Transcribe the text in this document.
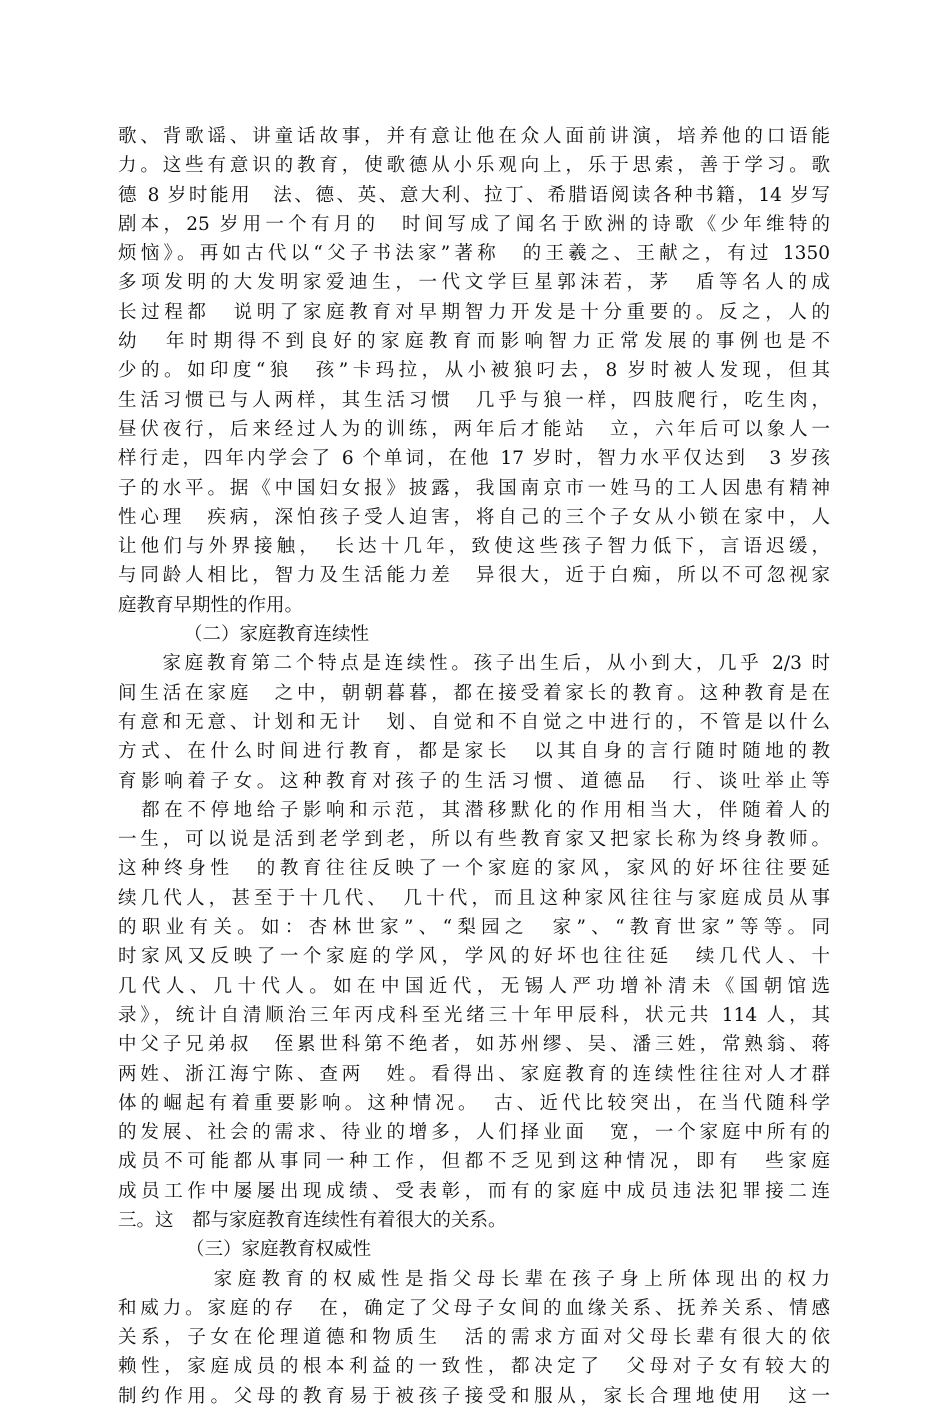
歌、背歌谣、讲童话故事，并有意让他在众人面前讲演，培养他的口语能
力。这些有意识的教育，使歌德从小乐观向上，乐于思索，善于学习。歌
德 8 岁时能用　法、德、英、意大利、拉丁、希腊语阅读各种书籍，14 岁写
剧本，25 岁用一个有月的　时间写成了闻名于欧洲的诗歌《少年维特的
烦恼》。再如古代以“父子书法家”著称　的王羲之、王献之，有过 1350
多项发明的大发明家爱迪生，一代文学巨星郭沫若，茅　盾等名人的成
长过程都　说明了家庭教育对早期智力开发是十分重要的。反之，人的
幼　年时期得不到良好的家庭教育而影响智力正常发展的事例也是不
少的。如印度“狼　孩”卡玛拉，从小被狼叼去，8 岁时被人发现，但其
生活习惯已与人两样，其生活习惯　几乎与狼一样，四肢爬行，吃生肉，
昼伏夜行，后来经过人为的训练，两年后才能站　立，六年后可以象人一
样行走，四年内学会了 6 个单词，在他 17 岁时，智力水平仅达到　3 岁孩
子的水平。据《中国妇女报》披露，我国南京市一姓马的工人因患有精神
性心理　疾病，深怕孩子受人迫害，将自己的三个子女从小锁在家中，人
让他们与外界接触，　长达十几年，致使这些孩子智力低下，言语迟缓，
与同龄人相比，智力及生活能力差　异很大，近于白痴，所以不可忽视家
庭教育早期性的作用。
（二）家庭教育连续性
　　家庭教育第二个特点是连续性。孩子出生后，从小到大，几乎 2/3 时
间生活在家庭　之中，朝朝暮暮，都在接受着家长的教育。这种教育是在
有意和无意、计划和无计　划、自觉和不自觉之中进行的，不管是以什么
方式、在什么时间进行教育，都是家长　以其自身的言行随时随地的教
育影响着子女。这种教育对孩子的生活习惯、道德品　行、谈吐举止等
　都在不停地给子影响和示范，其潜移默化的作用相当大，伴随着人的
一生，可以说是活到老学到老，所以有些教育家又把家长称为终身教师。
这种终身性　的教育往往反映了一个家庭的家风，家风的好坏往往要延
续几代人，甚至于十几代、　几十代，而且这种家风往往与家庭成员从事
的职业有关。如：杏林世家”、“梨园之　家”、“教育世家”等等。同
时家风又反映了一个家庭的学风，学风的好坏也往往延　续几代人、十
几代人、几十代人。如在中国近代，无锡人严功增补清未《国朝馆选
录》，统计自清顺治三年丙戌科至光绪三十年甲辰科，状元共 114 人，其
中父子兄弟叔　侄累世科第不绝者，如苏州缪、吴、潘三姓，常熟翁、蒋
两姓、浙江海宁陈、查两　姓。看得出、家庭教育的连续性往往对人才群
体的崛起有着重要影响。这种情况。　古、近代比较突出，在当代随科学
的发展、社会的需求、待业的增多，人们择业面　宽，一个家庭中所有的
成员不可能都从事同一种工作，但都不乏见到这种情况，即有　些家庭
成员工作中屡屡出现成绩、受表彰，而有的家庭中成员违法犯罪接二连
三。这　都与家庭教育连续性有着很大的关系。
（三）家庭教育权威性
　　　　家庭教育的权威性是指父母长辈在孩子身上所体现出的权力
和威力。家庭的存　在，确定了父母子女间的血缘关系、抚养关系、情感
关系，子女在伦理道德和物质生　活的需求方面对父母长辈有很大的依
赖性，家庭成员的根本利益的一致性，都决定了　父母对子女有较大的
制约作用。父母的教育易于被孩子接受和服从，家长合理地使用　这一
